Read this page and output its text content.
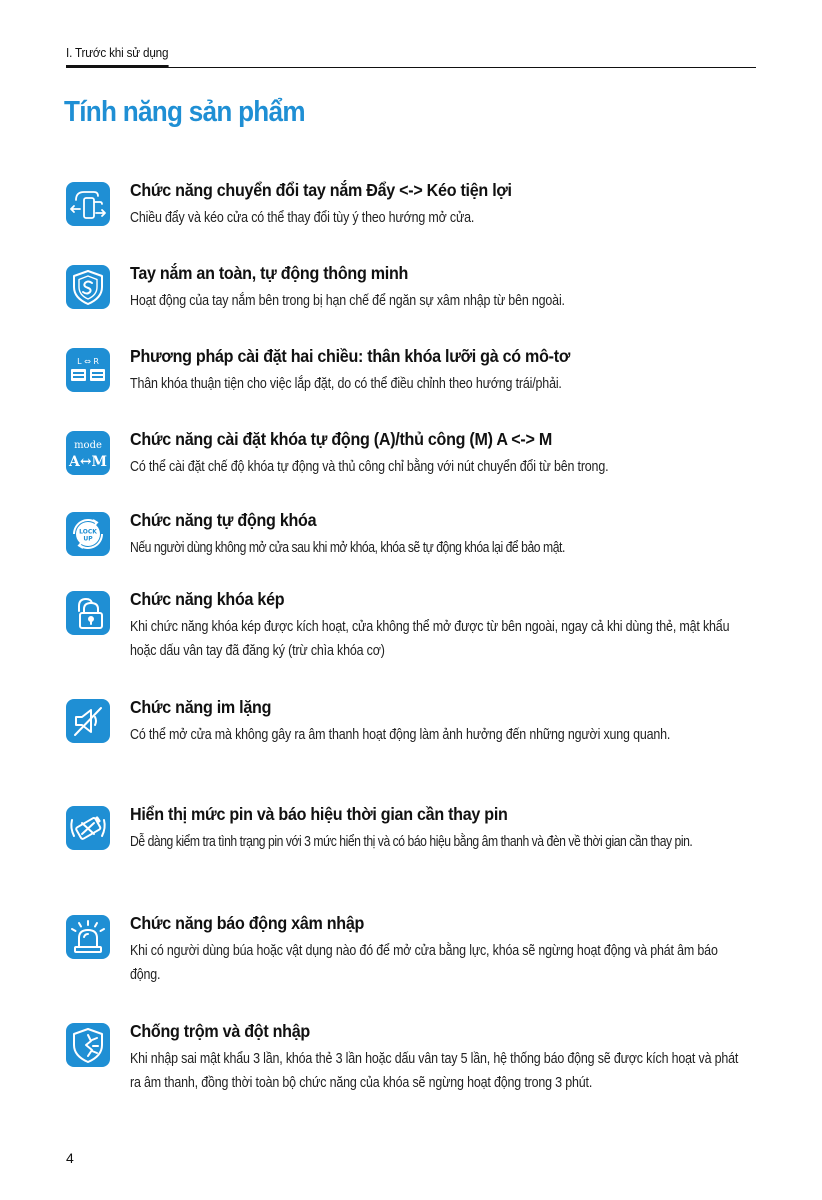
I. Trước khi sử dụng
Tính năng sản phẩm
Chức năng chuyển đổi tay nắm Đẩy <-> Kéo tiện lợi

Chiều đẩy và kéo cửa có thể thay đổi tùy ý theo hướng mở cửa.

Tay nắm an toàn, tự động thông minh

Hoạt động của tay nắm bên trong bị hạn chế để ngăn sự xâm nhập từ bên ngoài.

L ⇔ R Phương pháp cài đặt hai chiều: thân khóa lưỡi gà có mô-tơ

Thân khóa thuận tiện cho việc lắp đặt, do có thể điều chỉnh theo hướng trái/phải.

mode
A↔M
Chức năng cài đặt khóa tự động (A)/thủ công (M) A <-> M

Có thể cài đặt chế độ khóa tự động và thủ công chỉ bằng với nút chuyển đổi từ bên trong.

LOCK
UP
Chức năng tự động khóa

Nếu người dùng không mở cửa sau khi mở khóa, khóa sẽ tự động khóa lại để bảo mật.

Chức năng khóa kép

Khi chức năng khóa kép được kích hoạt, cửa không thể mở được từ bên ngoài, ngay cả khi dùng thẻ, mật khẩu hoặc dấu vân tay đã đăng ký (trừ chìa khóa cơ)

Chức năng im lặng

Có thể mở cửa mà không gây ra âm thanh hoạt động làm ảnh hưởng đến những người xung quanh.

Hiển thị mức pin và báo hiệu thời gian cần thay pin

Dễ dàng kiểm tra tình trạng pin với 3 mức hiển thị và có báo hiệu bằng âm thanh và đèn về thời gian cần thay pin.

Chức năng báo động xâm nhập

Khi có người dùng búa hoặc vật dụng nào đó để mở cửa bằng lực, khóa sẽ ngừng hoạt động và phát âm báo động.

Chống trộm và đột nhập

Khi nhập sai mật khẩu 3 lần, khóa thẻ 3 lần hoặc dấu vân tay 5 lần, hệ thống báo động sẽ được kích hoạt và phát ra âm thanh, đồng thời toàn bộ chức năng của khóa sẽ ngừng hoạt động trong 3 phút.

4
